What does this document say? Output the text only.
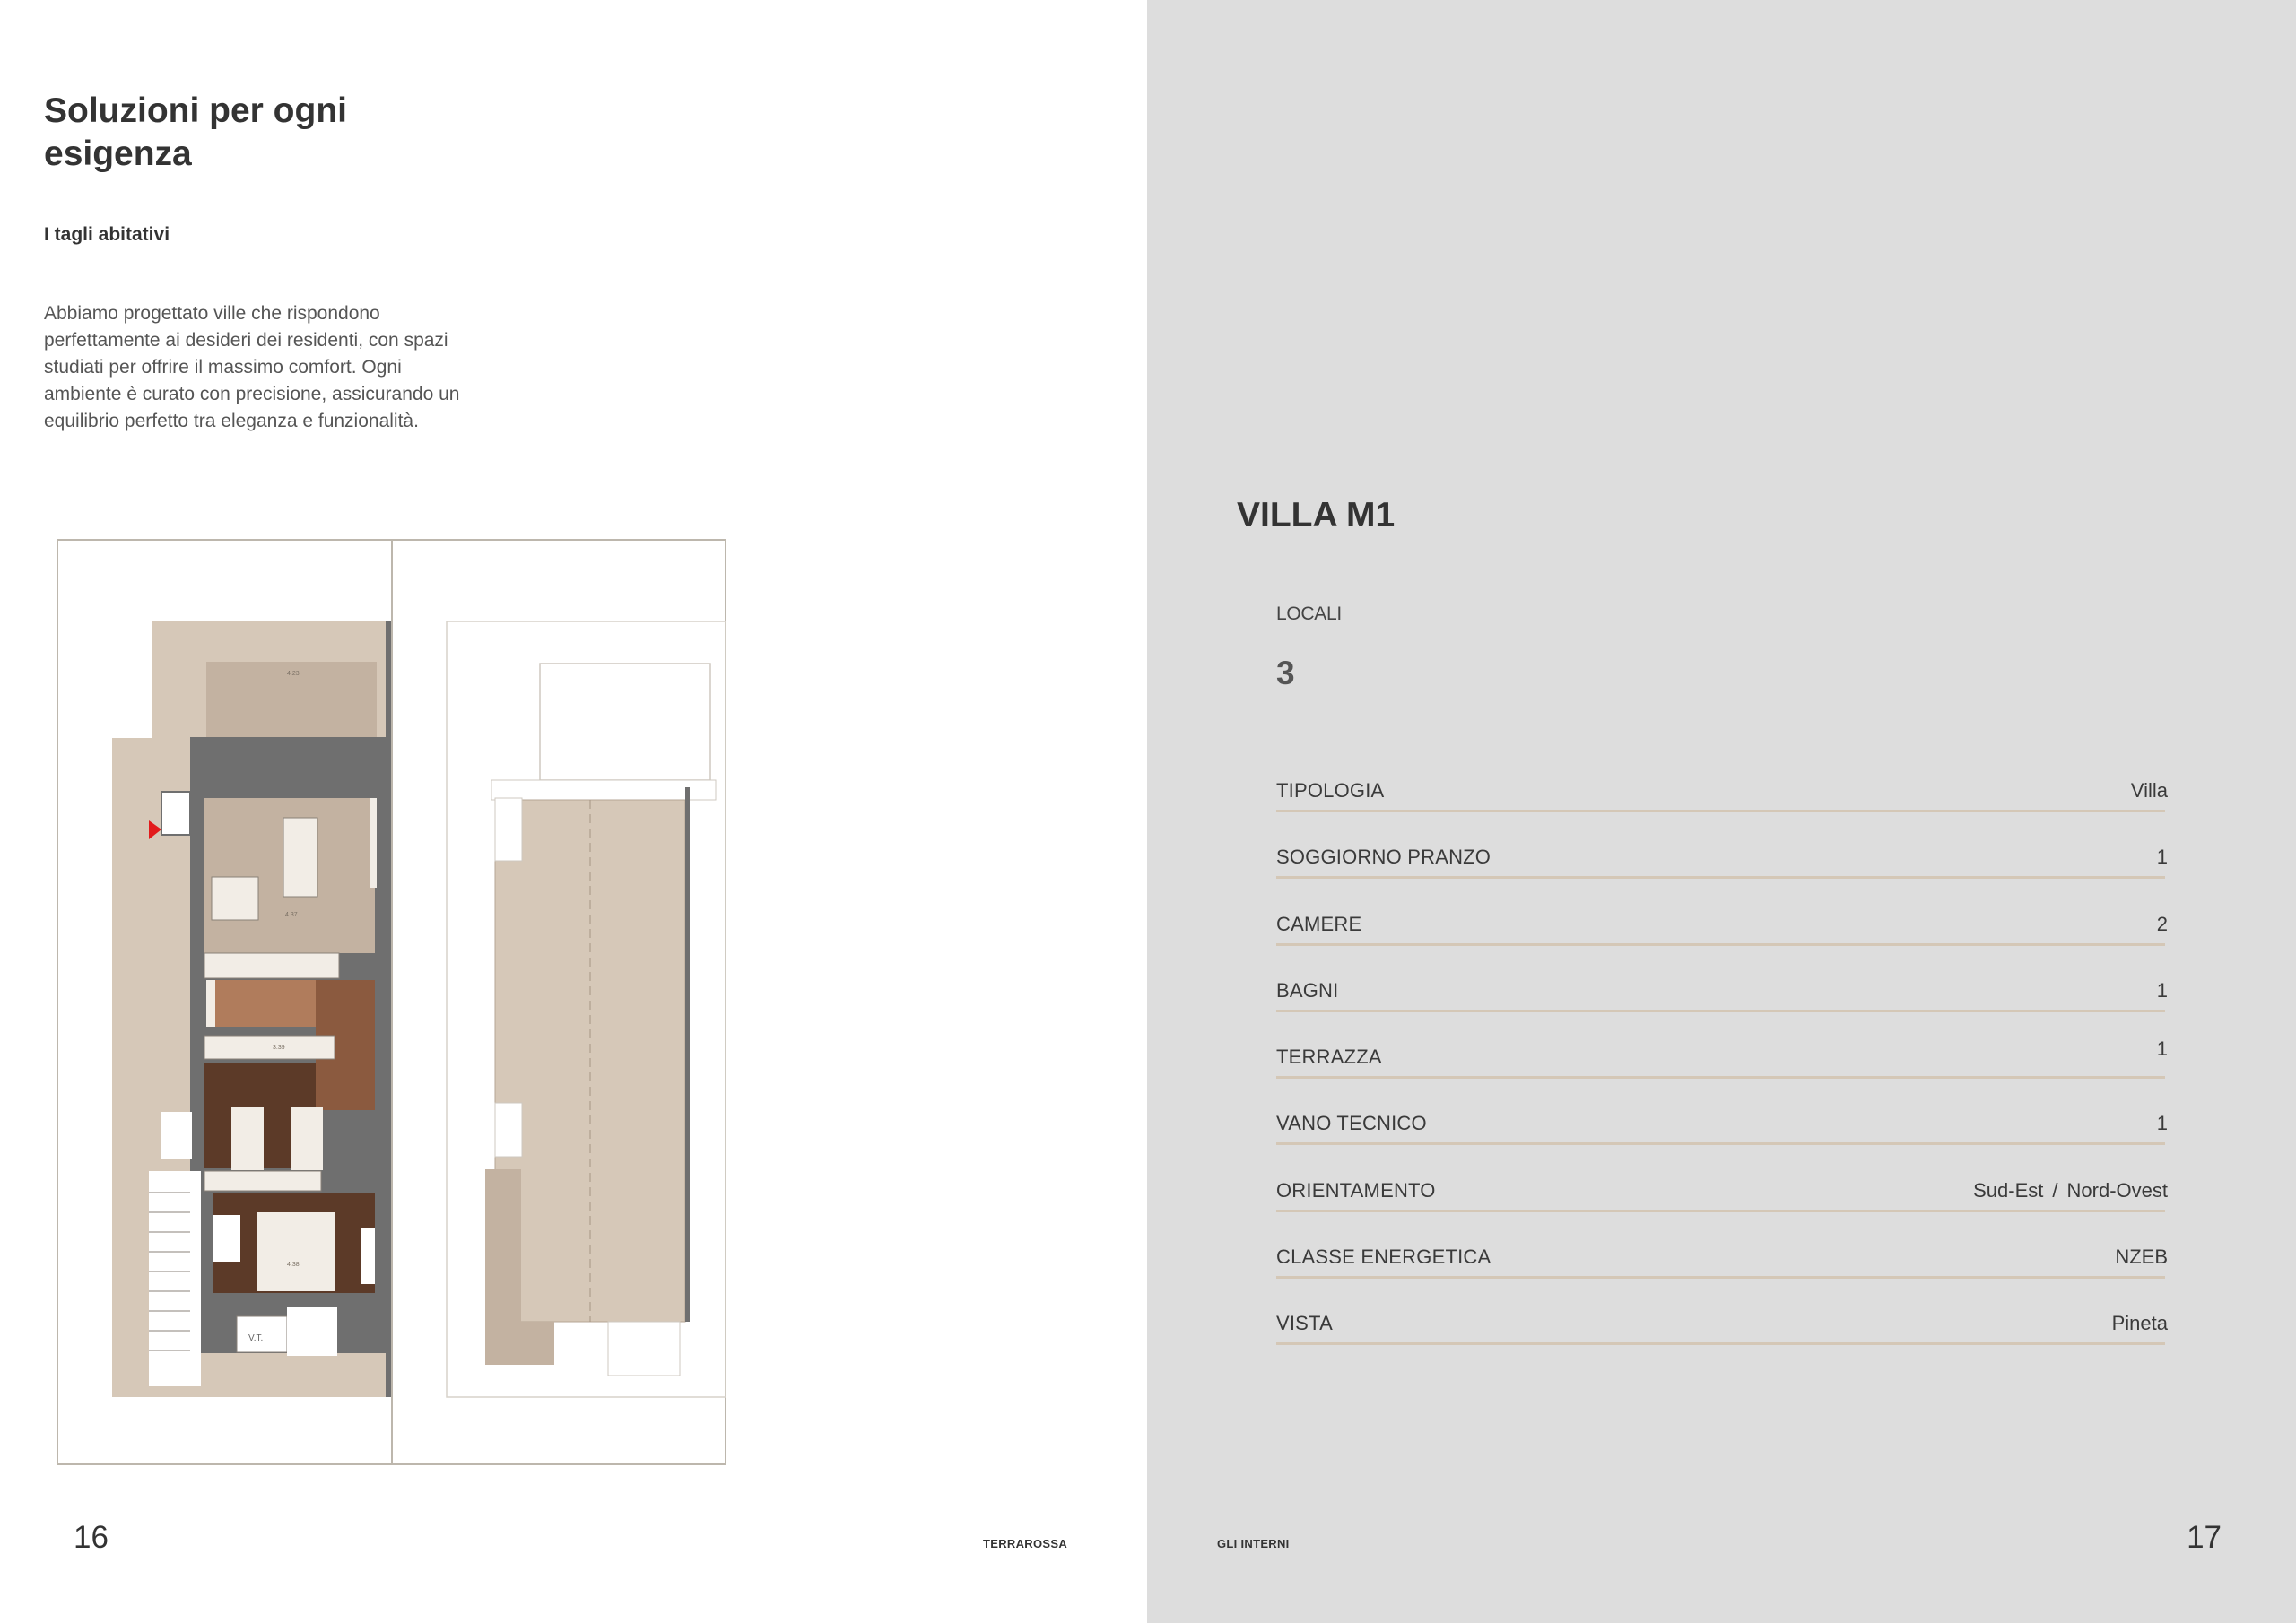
Soluzioni per ogni esigenza
I tagli abitativi

Abbiamo progettato ville che rispondono perfettamente ai desideri dei residenti, con spazi studiati per offrire il massimo comfort. Ogni ambiente è curato con precisione, assicurando un equilibrio perfetto tra eleganza e funzionalità.

V.T.
4.23
4.37
3.39
4.38
16	TERRAROSSA
VILLA M1
LOCALI
3
TIPOLOGIA	Villa
SOGGIORNO PRANZO	1
CAMERE	2
BAGNI	1
TERRAZZA	1
VANO TECNICO	1
ORIENTAMENTO	Sud-Est / Nord-Ovest
CLASSE ENERGETICA	NZEB
VISTA	Pineta
GLI INTERNI	17
